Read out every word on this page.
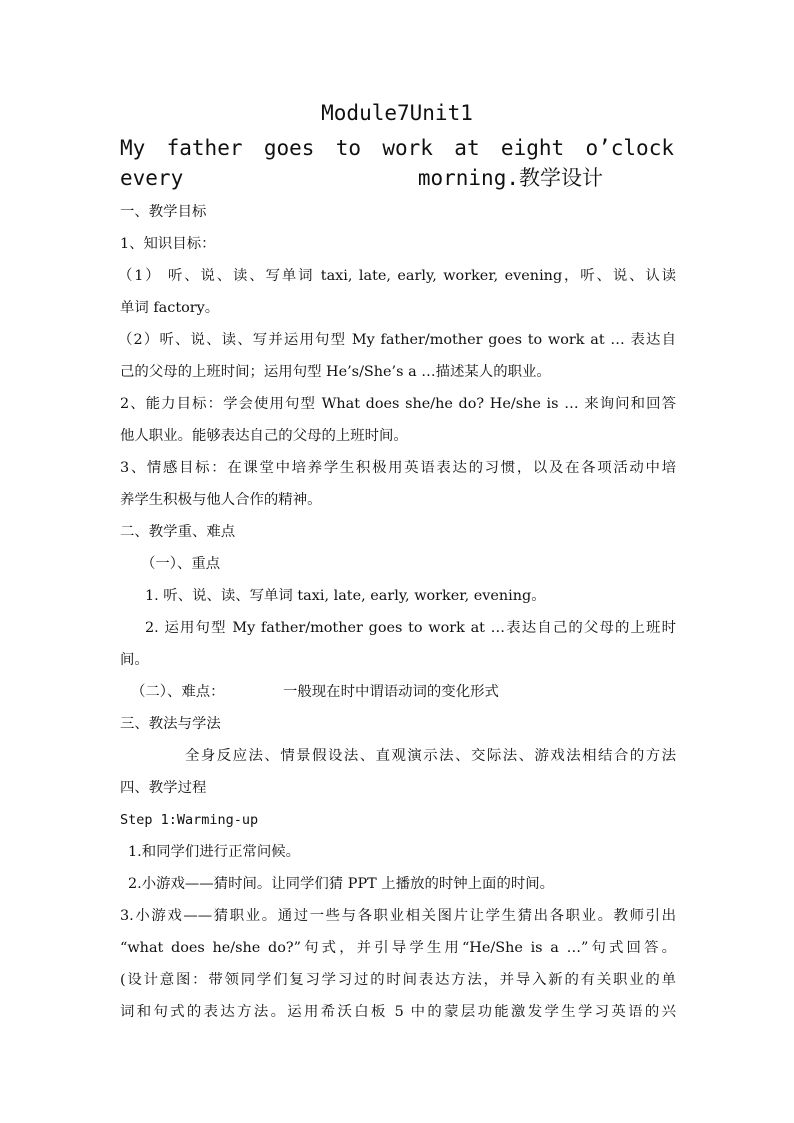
Module7Unit1
My father goes to work at eight o’clock every	morning.教学设计
一、教学目标
1、知识目标：
（1） 听、说、读、写单词 taxi, late, early, worker, evening，听、说、认读
单词 factory。
（2）听、说、读、写并运用句型 My father/mother goes to work at … 表达自
己的父母的上班时间；运用句型 He’s/She’s a …描述某人的职业。
2、能力目标：学会使用句型 What does she/he do? He/she is … 来询问和回答
他人职业。能够表达自己的父母的上班时间。
3、情感目标：在课堂中培养学生积极用英语表达的习惯，以及在各项活动中培
养学生积极与他人合作的精神。
二、教学重、难点
（一）、重点
1. 听、说、读、写单词 taxi, late, early, worker, evening。
2. 运用句型 My father/mother goes to work at …表达自己的父母的上班时
间。
（二）、难点：	一般现在时中谓语动词的变化形式
三、教法与学法
全身反应法、情景假设法、直观演示法、交际法、游戏法相结合的方法
四、教学过程
Step 1:Warming-up
1.和同学们进行正常问候。
2.小游戏——猜时间。让同学们猜 PPT 上播放的时钟上面的时间。
3.小游戏——猜职业。通过一些与各职业相关图片让学生猜出各职业。教师引出
“what does he/she do?”句式，并引导学生用“He/She is a …”句式回答。
(设计意图：带领同学们复习学习过的时间表达方法，并导入新的有关职业的单
词和句式的表达方法。运用希沃白板 5 中的蒙层功能激发学生学习英语的兴
